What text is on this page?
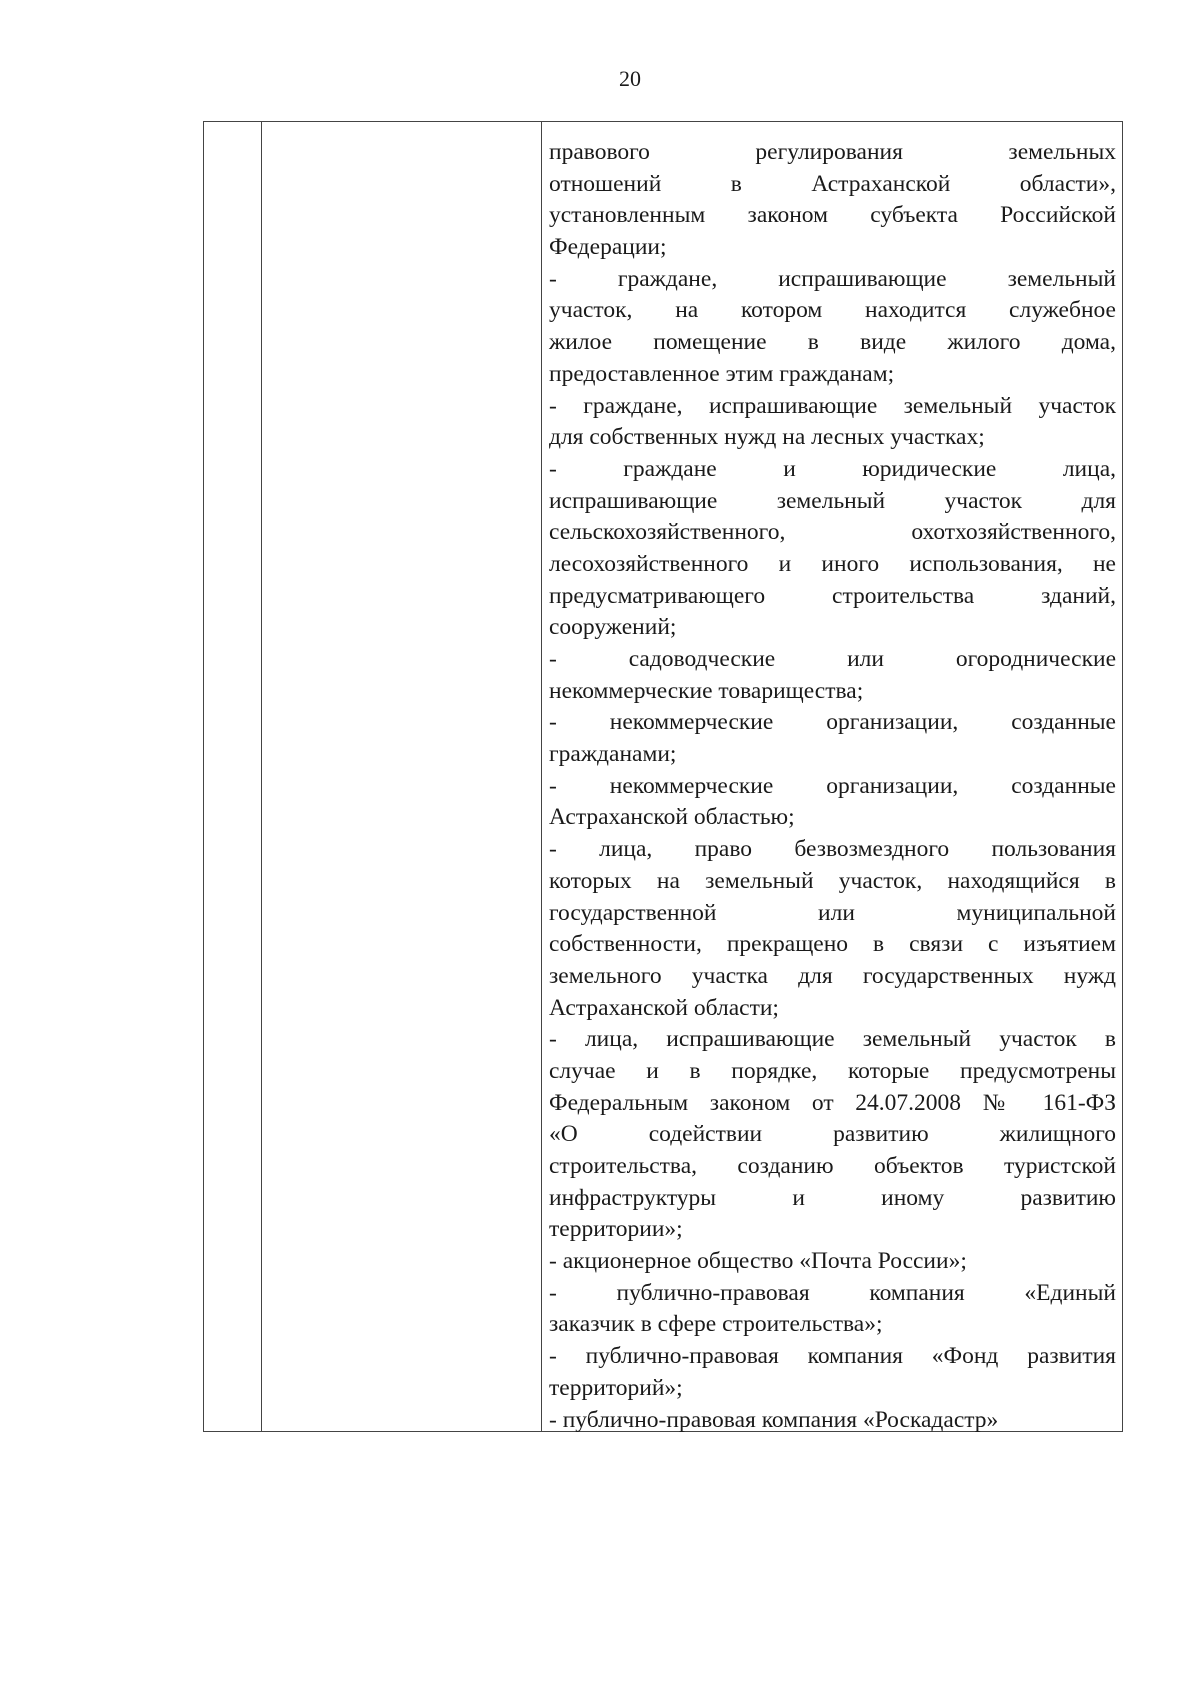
20
правового регулирования земельных
отношений в Астраханской области»,
установленным законом субъекта Российской
Федерации;
- граждане, испрашивающие земельный
участок, на котором находится служебное
жилое помещение в виде жилого дома,
предоставленное этим гражданам;
- граждане, испрашивающие земельный участок
для собственных нужд на лесных участках;
- граждане и юридические лица,
испрашивающие земельный участок для
сельскохозяйственного, охотхозяйственного,
лесохозяйственного и иного использования, не
предусматривающего строительства зданий,
сооружений;
- садоводческие или огороднические
некоммерческие товарищества;
- некоммерческие организации, созданные
гражданами;
- некоммерческие организации, созданные
Астраханской областью;
- лица, право безвозмездного пользования
которых на земельный участок, находящийся в
государственной или муниципальной
собственности, прекращено в связи с изъятием
земельного участка для государственных нужд
Астраханской области;
- лица, испрашивающие земельный участок в
случае и в порядке, которые предусмотрены
Федеральным законом от 24.07.2008 № 161-ФЗ
«О содействии развитию жилищного
строительства, созданию объектов туристской
инфраструктуры и иному развитию
территории»;
- акционерное общество «Почта России»;
- публично-правовая компания «Единый
заказчик в сфере строительства»;
- публично-правовая компания «Фонд развития
территорий»;
- публично-правовая компания «Роскадастр»
